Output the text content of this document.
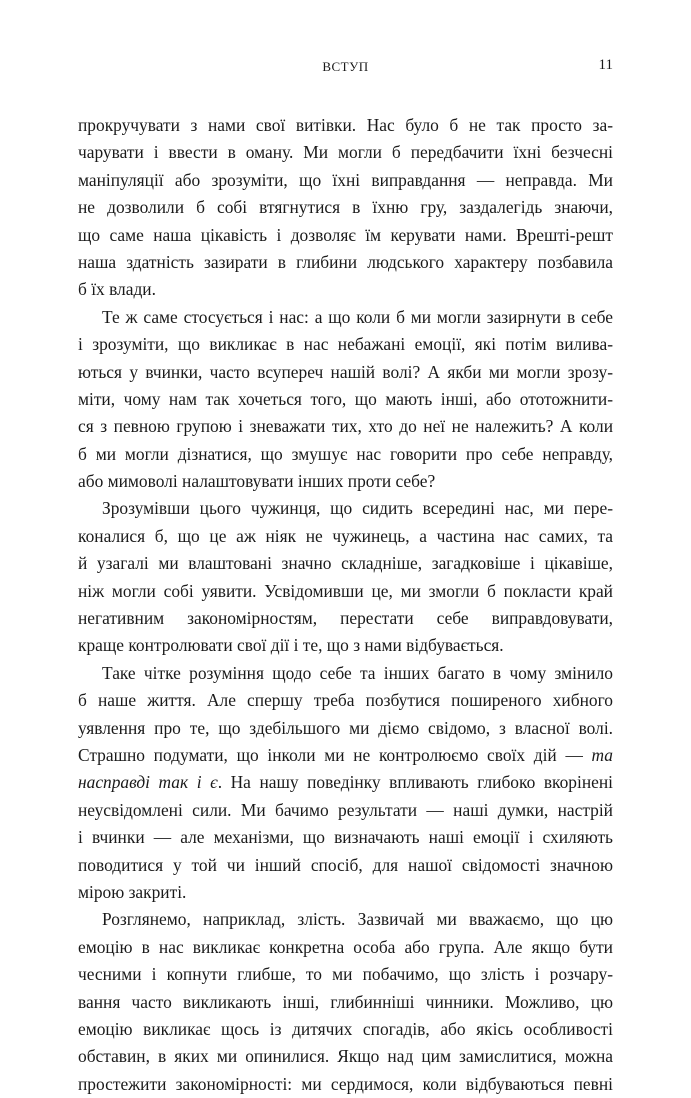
ВСТУП	11
прокручувати з нами свої витівки. Нас було б не так просто за-
чарувати і ввести в оману. Ми могли б передбачити їхні безчесні
маніпуляції або зрозуміти, що їхні виправдання — неправда. Ми
не дозволили б собі втягнутися в їхню гру, заздалегідь знаючи,
що саме наша цікавість і дозволяє їм керувати нами. Врешті-решт
наша здатність зазирати в глибини людського характеру позбавила
б їх влади.
Те ж саме стосується і нас: а що коли б ми могли зазирнути в себе
і зрозуміти, що викликає в нас небажані емоції, які потім вилива-
ються у вчинки, часто всупереч нашій волі? А якби ми могли зрозу-
міти, чому нам так хочеться того, що мають інші, або ототожнити-
ся з певною групою і зневажати тих, хто до неї не належить? А коли
б ми могли дізнатися, що змушує нас говорити про себе неправду,
або мимоволі налаштовувати інших проти себе?
Зрозумівши цього чужинця, що сидить всередині нас, ми пере-
коналися б, що це аж ніяк не чужинець, а частина нас самих, та
й узагалі ми влаштовані значно складніше, загадковіше і цікавіше,
ніж могли собі уявити. Усвідомивши це, ми змогли б покласти край
негативним закономірностям, перестати себе виправдовувати,
краще контролювати свої дії і те, що з нами відбувається.
Таке чітке розуміння щодо себе та інших багато в чому змінило
б наше життя. Але спершу треба позбутися поширеного хибного
уявлення про те, що здебільшого ми діємо свідомо, з власної волі.
Страшно подумати, що інколи ми не контролюємо своїх дій — та
насправді так і є. На нашу поведінку впливають глибоко вкорінені
неусвідомлені сили. Ми бачимо результати — наші думки, настрій
і вчинки — але механізми, що визначають наші емоції і схиляють
поводитися у той чи інший спосіб, для нашої свідомості значною
мірою закриті.
Розглянемо, наприклад, злість. Зазвичай ми вважаємо, що цю
емоцію в нас викликає конкретна особа або група. Але якщо бути
чесними і копнути глибше, то ми побачимо, що злість і розчару-
вання часто викликають інші, глибинніші чинники. Можливо, цю
емоцію викликає щось із дитячих спогадів, або якісь особливості
обставин, в яких ми опинилися. Якщо над цим замислитися, можна
простежити закономірності: ми сердимося, коли відбуваються певні
